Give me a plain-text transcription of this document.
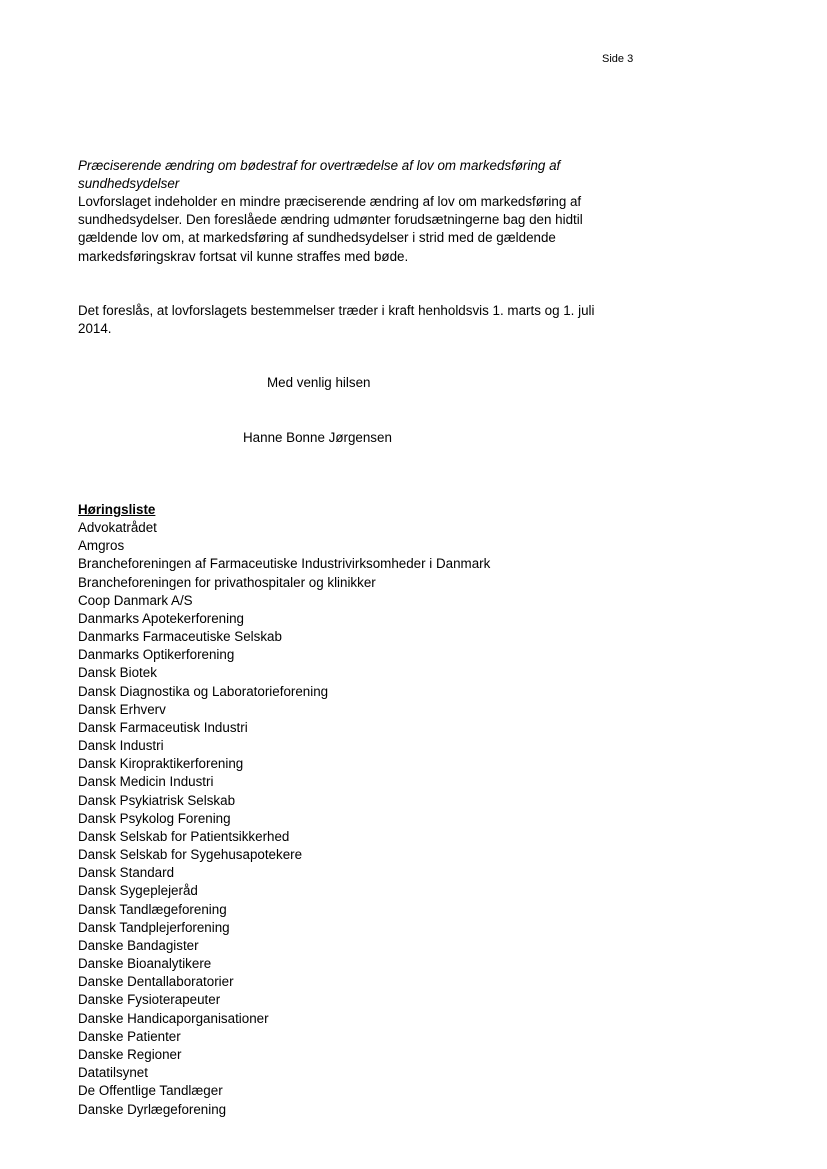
Side 3
Præciserende ændring om bødestraf for overtrædelse af lov om markedsføring af sundhedsydelser

Lovforslaget indeholder en mindre præciserende ændring af lov om markedsføring af sundhedsydelser. Den foreslåede ændring udmønter forudsætningerne bag den hidtil gældende lov om, at markedsføring af sundhedsydelser i strid med de gældende markedsføringskrav fortsat vil kunne straffes med bøde.

Det foreslås, at lovforslagets bestemmelser træder i kraft henholdsvis 1. marts og 1. juli 2014.

Med venlig hilsen
Hanne Bonne Jørgensen
Høringsliste
Advokatrådet
Amgros
Brancheforeningen af Farmaceutiske Industrivirksomheder i Danmark
Brancheforeningen for privathospitaler og klinikker
Coop Danmark A/S
Danmarks Apotekerforening
Danmarks Farmaceutiske Selskab
Danmarks Optikerforening
Dansk Biotek
Dansk Diagnostika og Laboratorieforening
Dansk Erhverv
Dansk Farmaceutisk Industri
Dansk Industri
Dansk Kiropraktikerforening
Dansk Medicin Industri
Dansk Psykiatrisk Selskab
Dansk Psykolog Forening
Dansk Selskab for Patientsikkerhed
Dansk Selskab for Sygehusapotekere
Dansk Standard
Dansk Sygeplejeråd
Dansk Tandlægeforening
Dansk Tandplejerforening
Danske Bandagister
Danske Bioanalytikere
Danske Dentallaboratorier
Danske Fysioterapeuter
Danske Handicaporganisationer
Danske Patienter
Danske Regioner
Datatilsynet
De Offentlige Tandlæger
Danske Dyrlægeforening
